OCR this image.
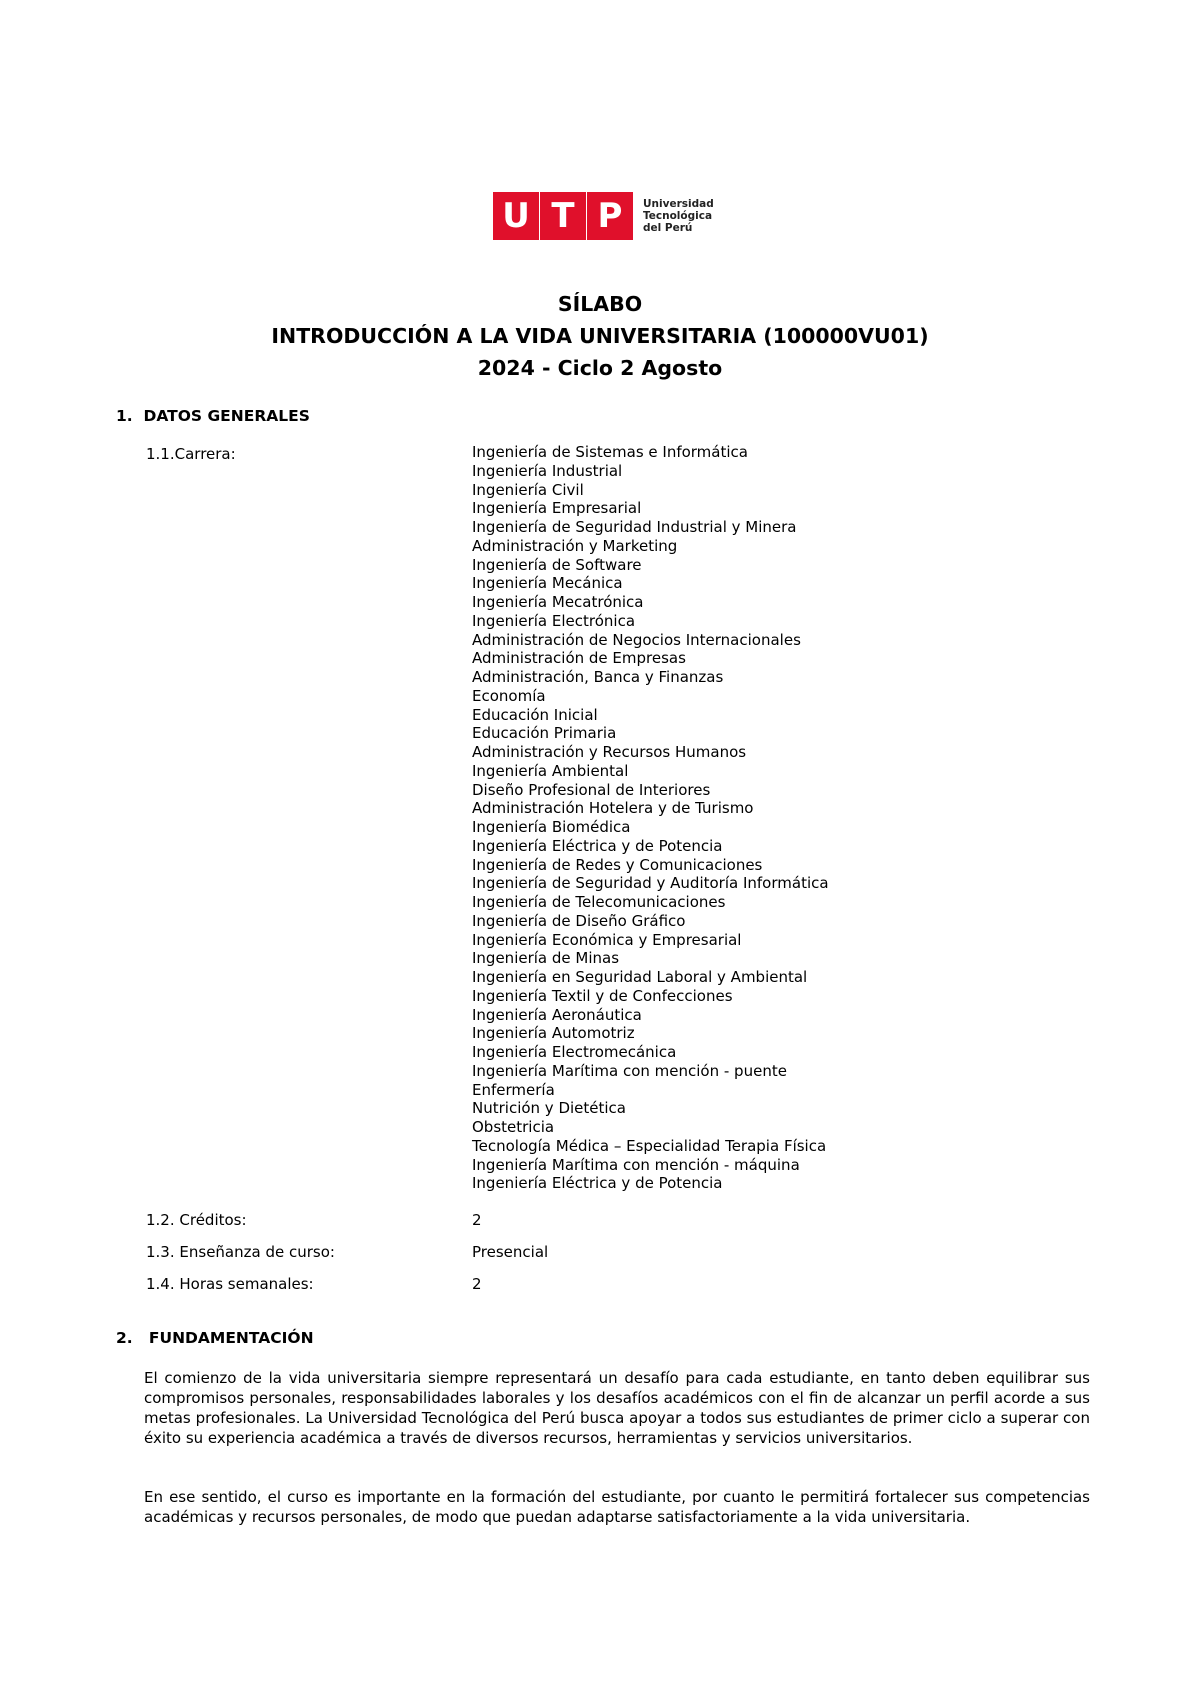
U T P	Universidad
Tecnológica
del Perú
SÍLABO
INTRODUCCIÓN A LA VIDA UNIVERSITARIA (100000VU01)
2024 - Ciclo 2 Agosto
1. DATOS GENERALES
1.1.Carrera:	Ingeniería de Sistemas e Informática
Ingeniería Industrial
Ingeniería Civil
Ingeniería Empresarial
Ingeniería de Seguridad Industrial y Minera
Administración y Marketing
Ingeniería de Software
Ingeniería Mecánica
Ingeniería Mecatrónica
Ingeniería Electrónica
Administración de Negocios Internacionales
Administración de Empresas
Administración, Banca y Finanzas
Economía
Educación Inicial
Educación Primaria
Administración y Recursos Humanos
Ingeniería Ambiental
Diseño Profesional de Interiores
Administración Hotelera y de Turismo
Ingeniería Biomédica
Ingeniería Eléctrica y de Potencia
Ingeniería de Redes y Comunicaciones
Ingeniería de Seguridad y Auditoría Informática
Ingeniería de Telecomunicaciones
Ingeniería de Diseño Gráfico
Ingeniería Económica y Empresarial
Ingeniería de Minas
Ingeniería en Seguridad Laboral y Ambiental
Ingeniería Textil y de Confecciones
Ingeniería Aeronáutica
Ingeniería Automotriz
Ingeniería Electromecánica
Ingeniería Marítima con mención - puente
Enfermería
Nutrición y Dietética
Obstetricia
Tecnología Médica – Especialidad Terapia Física
Ingeniería Marítima con mención - máquina
Ingeniería Eléctrica y de Potencia
1.2. Créditos:	2
1.3. Enseñanza de curso:	Presencial
1.4. Horas semanales:	2
2. FUNDAMENTACIÓN

El comienzo de la vida universitaria siempre representará un desafío para cada estudiante, en tanto deben equilibrar sus compromisos personales, responsabilidades laborales y los desafíos académicos con el fin de alcanzar un perfil acorde a sus metas profesionales. La Universidad Tecnológica del Perú busca apoyar a todos sus estudiantes de primer ciclo a superar con éxito su experiencia académica a través de diversos recursos, herramientas y servicios universitarios.

En ese sentido, el curso es importante en la formación del estudiante, por cuanto le permitirá fortalecer sus competencias académicas y recursos personales, de modo que puedan adaptarse satisfactoriamente a la vida universitaria.
